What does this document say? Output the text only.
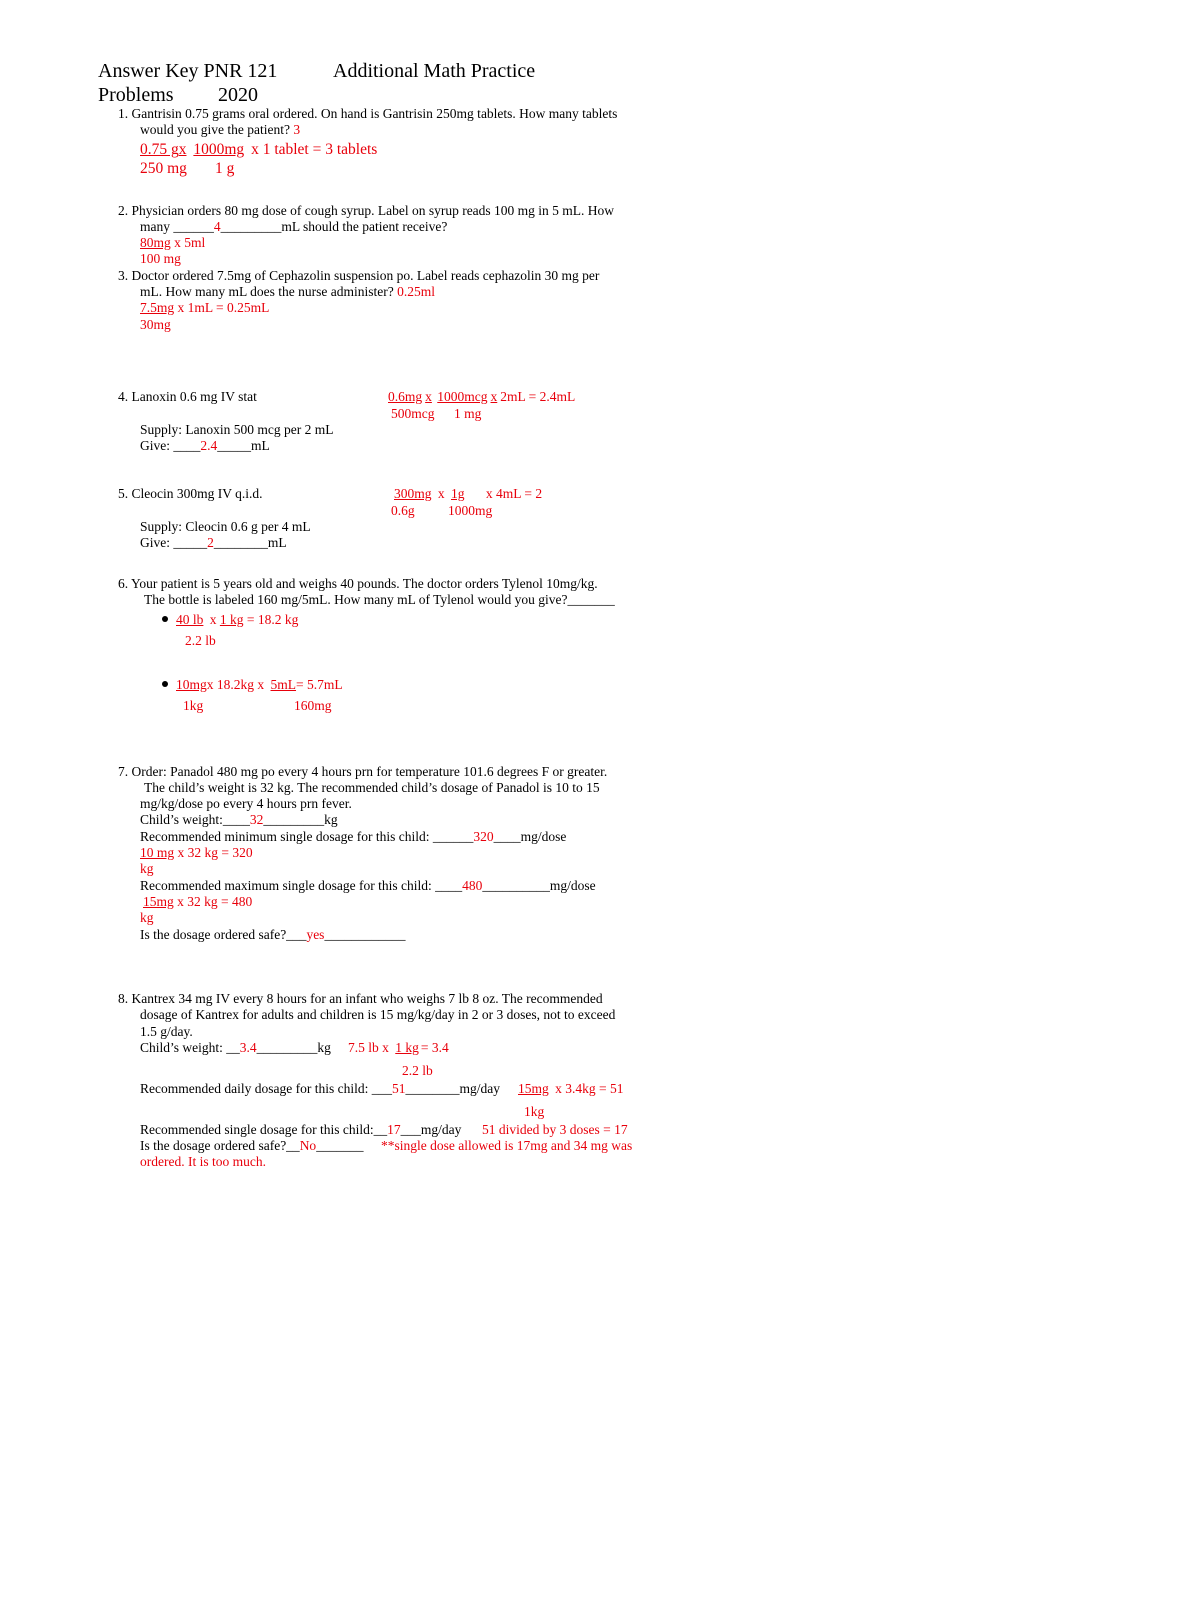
Answer Key PNR 121	Additional Math Practice
Problems 2020
1. Gantrisin 0.75 grams oral ordered. On hand is Gantrisin 250mg tablets. How many tablets
would you give the patient? 3
0.75 gx 1000mg x 1 tablet = 3 tablets
250 mg 1 g
2. Physician orders 80 mg dose of cough syrup. Label on syrup reads 100 mg in 5 mL. How
many ______4_________mL should the patient receive?
80mg x 5ml
100 mg
3. Doctor ordered 7.5mg of Cephazolin suspension po. Label reads cephazolin 30 mg per
mL. How many mL does the nurse administer? 0.25ml
7.5mg x 1mL = 0.25mL
30mg
4. Lanoxin 0.6 mg IV stat	0.6mg x 1000mcg x 2mL = 2.4mL
500mcg 1 mg
Supply: Lanoxin 500 mcg per 2 mL
Give: ____2.4_____mL
5. Cleocin 300mg IV q.i.d.	300mg x 1g x 4mL = 2
0.6g 1000mg
Supply: Cleocin 0.6 g per 4 mL
Give: _____2________mL
6. Your patient is 5 years old and weighs 40 pounds. The doctor orders Tylenol 10mg/kg.
The bottle is labeled 160 mg/5mL. How many mL of Tylenol would you give?_______
40 lb x 1 kg = 18.2 kg
2.2 lb
10mgx 18.2kg x 5mL= 5.7mL
1kg	160mg
7. Order: Panadol 480 mg po every 4 hours prn for temperature 101.6 degrees F or greater.
The child’s weight is 32 kg. The recommended child’s dosage of Panadol is 10 to 15
mg/kg/dose po every 4 hours prn fever.
Child’s weight:____32_________kg
Recommended minimum single dosage for this child: ______320____mg/dose
10 mg x 32 kg = 320
kg
Recommended maximum single dosage for this child: ____480__________mg/dose
15mg x 32 kg = 480
kg
Is the dosage ordered safe?___yes____________
8. Kantrex 34 mg IV every 8 hours for an infant who weighs 7 lb 8 oz. The recommended
dosage of Kantrex for adults and children is 15 mg/kg/day in 2 or 3 doses, not to exceed
1.5 g/day.
Child’s weight: __3.4_________kg 7.5 lb x 1 kg = 3.4
2.2 lb
Recommended daily dosage for this child: ___51________mg/day 15mg x 3.4kg = 51
1kg
Recommended single dosage for this child:__17___mg/day 51 divided by 3 doses = 17
Is the dosage ordered safe?__No_______ **single dose allowed is 17mg and 34 mg was
ordered. It is too much.
